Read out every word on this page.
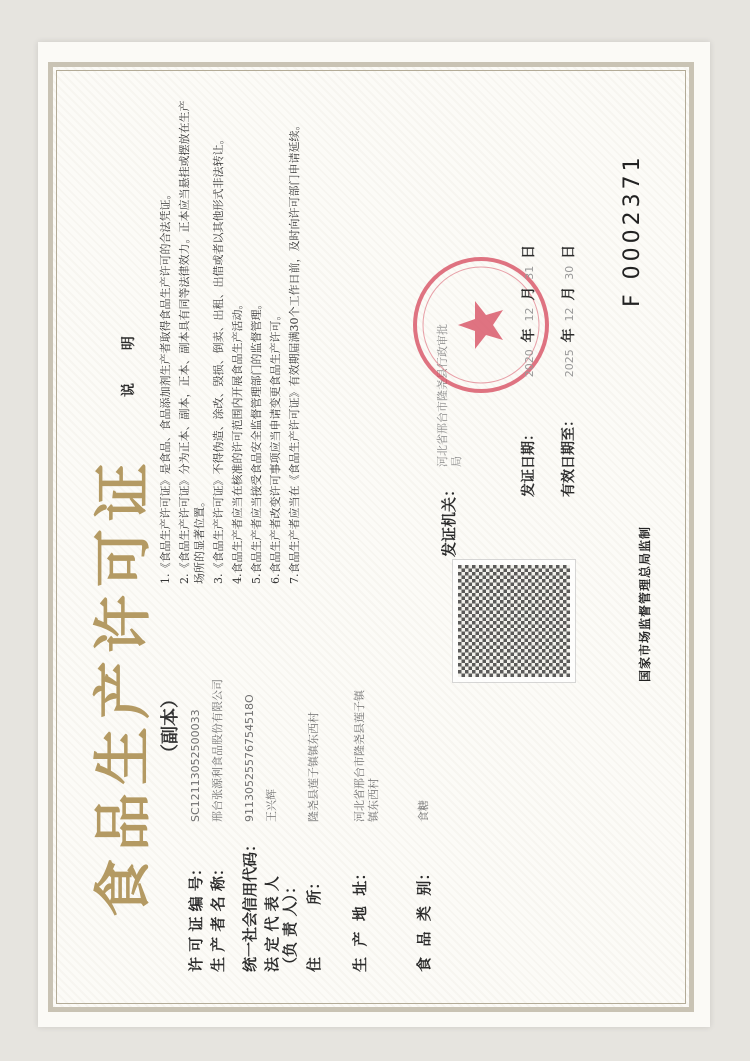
食品生产许可证 （副本）
许 可 证 编 号：
SC12113052500033
生 产 者 名 称：
邢台张源利食品股份有限公司
统一社会信用代码：
91130525576754518O
法 定 代 表 人
（负 责 人）：
王兴辉
住          所：
隆尧县莲子镇镇东西村
生  产  地  址：
河北省邢台市隆尧县莲子镇镇东西村
食  品  类  别：
食糖
说 明 1.《食品生产许可证》是食品、食品添加剂生产者取得食品生产许可的合法凭证。 2.《食品生产许可证》分为正本、副本，正本、副本具有同等法律效力。正本应当悬挂或摆放在生产场所的显著位置。 3.《食品生产许可证》不得伪造、涂改、毁损、倒卖、出租、出借或者以其他形式非法转让。 4.食品生产者应当在核准的许可范围内开展食品生产活动。 5.食品生产者应当接受食品安全监督管理部门的监督管理。 6.食品生产者改变许可事项应当申请变更食品生产许可。 7.食品生产者应当在《食品生产许可证》有效期届满30个工作日前，及时向许可部门申请延续。	发证机关：
河北省邢台市隆尧县行政审批局	发证日期：  2020 年 12 月 31 日
有效日期至：  2025 年 12 月 30 日 F 0002371
国家市场监督管理总局监制
